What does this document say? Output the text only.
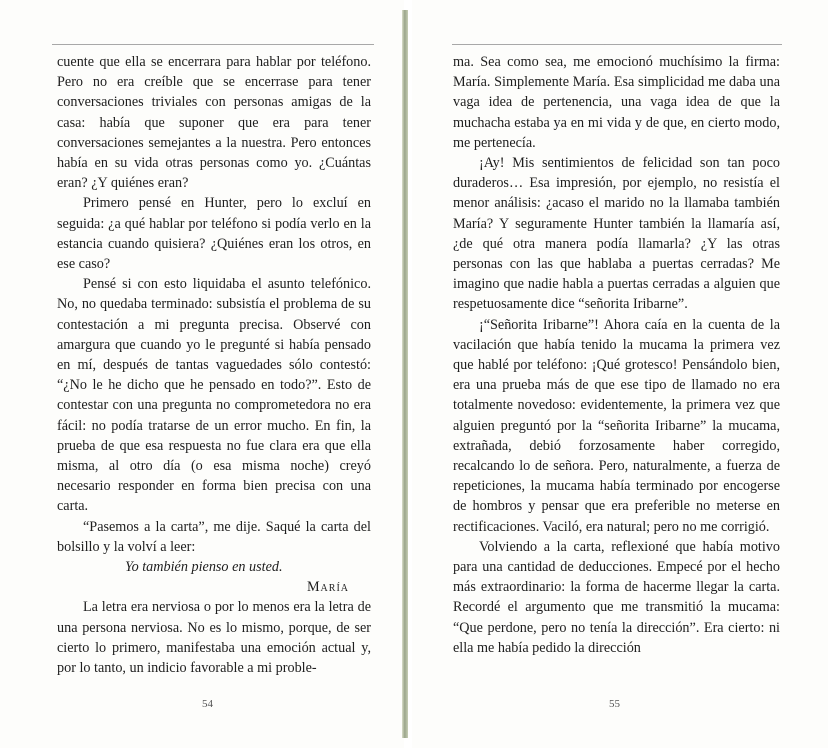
cuente que ella se encerrara para hablar por teléfono. Pero no era creíble que se encerrase para tener conversaciones triviales con personas amigas de la casa: había que suponer que era para tener conversaciones semejantes a la nuestra. Pero entonces había en su vida otras personas como yo. ¿Cuántas eran? ¿Y quiénes eran?

Primero pensé en Hunter, pero lo excluí en seguida: ¿a qué hablar por teléfono si podía verlo en la estancia cuando quisiera? ¿Quiénes eran los otros, en ese caso?

Pensé si con esto liquidaba el asunto telefónico. No, no quedaba terminado: subsistía el problema de su contestación a mi pregunta precisa. Observé con amargura que cuando yo le pregunté si había pensado en mí, después de tantas vaguedades sólo contestó: “¿No le he dicho que he pensado en todo?”. Esto de contestar con una pregunta no comprometedora no era fácil: no podía tratarse de un error mucho. En fin, la prueba de que esa respuesta no fue clara era que ella misma, al otro día (o esa misma noche) creyó necesario responder en forma bien precisa con una carta.

“Pasemos a la carta”, me dije. Saqué la carta del bolsillo y la volví a leer:

Yo también pienso en usted.

María

La letra era nerviosa o por lo menos era la letra de una persona nerviosa. No es lo mismo, porque, de ser cierto lo primero, manifestaba una emoción actual y, por lo tanto, un indicio favorable a mi proble-

54

ma. Sea como sea, me emocionó muchísimo la firma: María. Simplemente María. Esa simplicidad me daba una vaga idea de pertenencia, una vaga idea de que la muchacha estaba ya en mi vida y de que, en cierto modo, me pertenecía.

¡Ay! Mis sentimientos de felicidad son tan poco duraderos… Esa impresión, por ejemplo, no resistía el menor análisis: ¿acaso el marido no la llamaba también María? Y seguramente Hunter también la llamaría así, ¿de qué otra manera podía llamarla? ¿Y las otras personas con las que hablaba a puertas cerradas? Me imagino que nadie habla a puertas cerradas a alguien que respetuosamente dice “señorita Iribarne”.

¡“Señorita Iribarne”! Ahora caía en la cuenta de la vacilación que había tenido la mucama la primera vez que hablé por teléfono: ¡Qué grotesco! Pensándolo bien, era una prueba más de que ese tipo de llamado no era totalmente novedoso: evidentemente, la primera vez que alguien preguntó por la “señorita Iribarne” la mucama, extrañada, debió forzosamente haber corregido, recalcando lo de señora. Pero, naturalmente, a fuerza de repeticiones, la mucama había terminado por encogerse de hombros y pensar que era preferible no meterse en rectificaciones. Vaciló, era natural; pero no me corrigió.

Volviendo a la carta, reflexioné que había motivo para una cantidad de deducciones. Empecé por el hecho más extraordinario: la forma de hacerme llegar la carta. Recordé el argumento que me transmitió la mucama: “Que perdone, pero no tenía la dirección”. Era cierto: ni ella me había pedido la dirección

55
